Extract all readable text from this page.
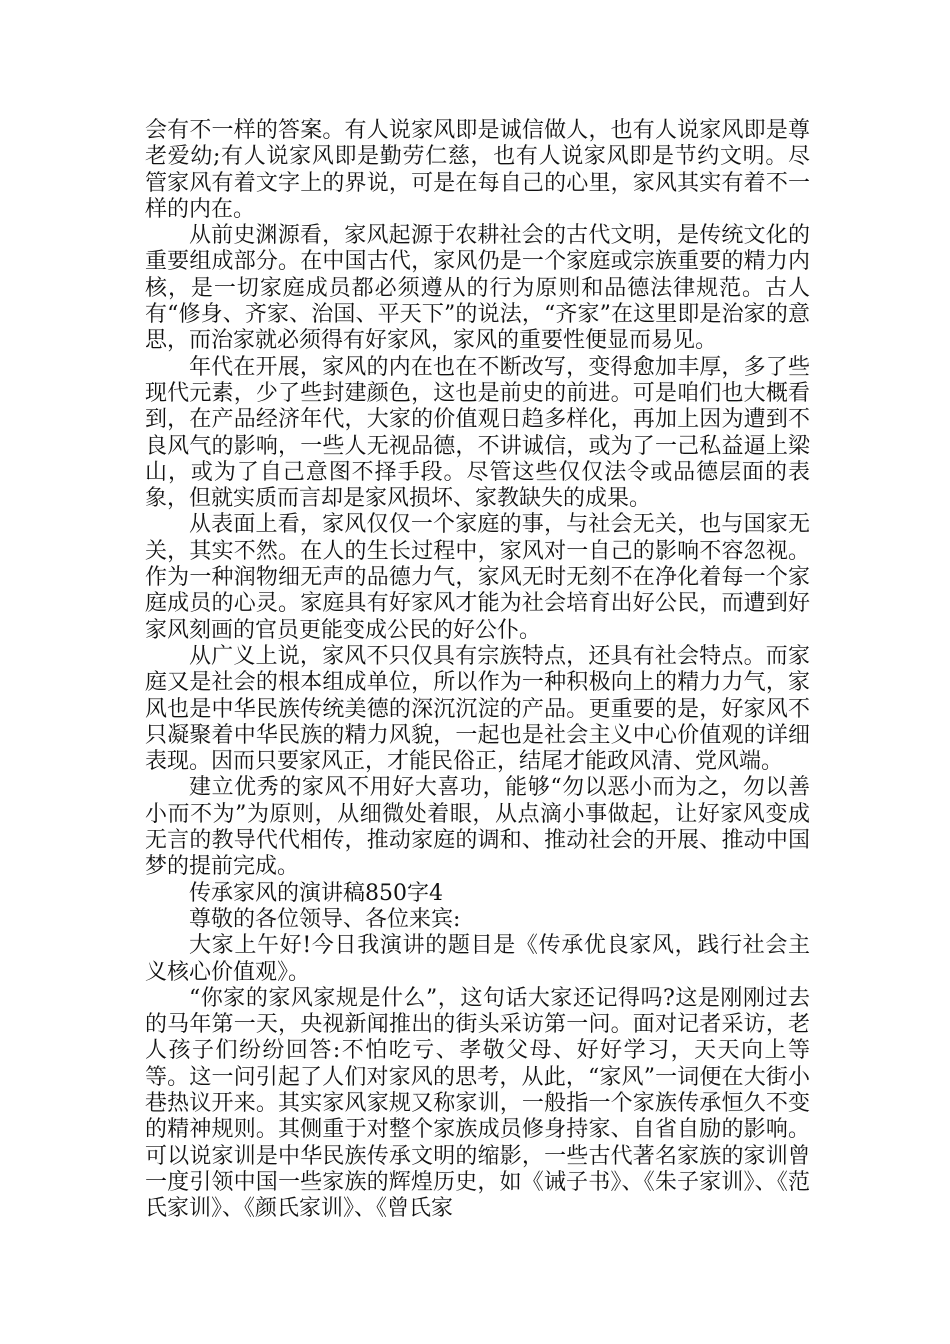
会有不一样的答案。有人说家风即是诚信做人，也有人说家风即是尊老爱幼;有人说家风即是勤劳仁慈，也有人说家风即是节约文明。尽管家风有着文字上的界说，可是在每自己的心里，家风其实有着不一样的内在。

从前史渊源看，家风起源于农耕社会的古代文明，是传统文化的重要组成部分。在中国古代，家风仍是一个家庭或宗族重要的精力内核，是一切家庭成员都必须遵从的行为原则和品德法律规范。古人有“修身、齐家、治国、平天下”的说法，“齐家”在这里即是治家的意思，而治家就必须得有好家风，家风的重要性便显而易见。

年代在开展，家风的内在也在不断改写，变得愈加丰厚，多了些现代元素，少了些封建颜色，这也是前史的前进。可是咱们也大概看到，在产品经济年代，大家的价值观日趋多样化，再加上因为遭到不良风气的影响，一些人无视品德，不讲诚信，或为了一己私益逼上梁山，或为了自己意图不择手段。尽管这些仅仅法令或品德层面的表象，但就实质而言却是家风损坏、家教缺失的成果。

从表面上看，家风仅仅一个家庭的事，与社会无关，也与国家无关，其实不然。在人的生长过程中，家风对一自己的影响不容忽视。作为一种润物细无声的品德力气，家风无时无刻不在净化着每一个家庭成员的心灵。家庭具有好家风才能为社会培育出好公民，而遭到好家风刻画的官员更能变成公民的好公仆。

从广义上说，家风不只仅具有宗族特点，还具有社会特点。而家庭又是社会的根本组成单位，所以作为一种积极向上的精力力气，家风也是中华民族传统美德的深沉沉淀的产品。更重要的是，好家风不只凝聚着中华民族的精力风貌，一起也是社会主义中心价值观的详细表现。因而只要家风正，才能民俗正，结尾才能政风清、党风端。

建立优秀的家风不用好大喜功，能够“勿以恶小而为之，勿以善小而不为”为原则，从细微处着眼，从点滴小事做起，让好家风变成无言的教导代代相传，推动家庭的调和、推动社会的开展、推动中国梦的提前完成。

传承家风的演讲稿850字4

尊敬的各位领导、各位来宾:

大家上午好!今日我演讲的题目是《传承优良家风，践行社会主义核心价值观》。

“你家的家风家规是什么”，这句话大家还记得吗?这是刚刚过去的马年第一天，央视新闻推出的街头采访第一问。面对记者采访，老人孩子们纷纷回答:不怕吃亏、孝敬父母、好好学习，天天向上等等。这一问引起了人们对家风的思考，从此，“家风”一词便在大街小巷热议开来。其实家风家规又称家训，一般指一个家族传承恒久不变的精神规则。其侧重于对整个家族成员修身持家、自省自励的影响。可以说家训是中华民族传承文明的缩影，一些古代著名家族的家训曾一度引领中国一些家族的辉煌历史，如《诫子书》、《朱子家训》、《范氏家训》、《颜氏家训》、《曾氏家
